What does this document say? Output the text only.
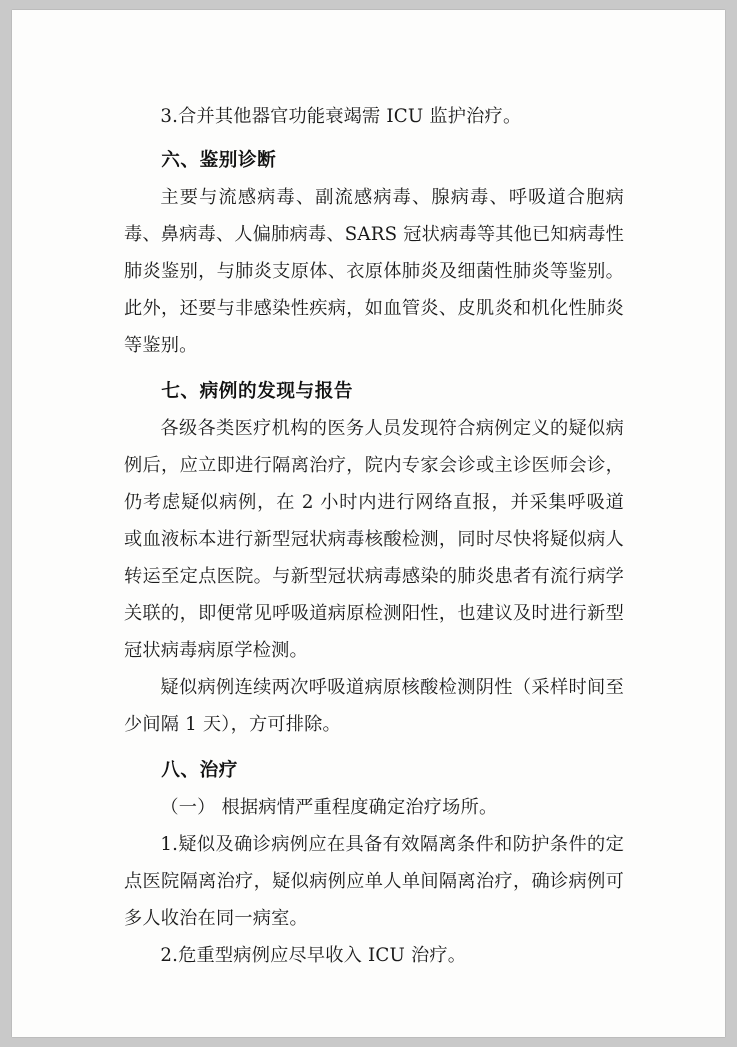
3.合并其他器官功能衰竭需 ICU 监护治疗。

六、鉴别诊断

主要与流感病毒、副流感病毒、腺病毒、呼吸道合胞病毒、鼻病毒、人偏肺病毒、SARS 冠状病毒等其他已知病毒性肺炎鉴别，与肺炎支原体、衣原体肺炎及细菌性肺炎等鉴别。此外，还要与非感染性疾病，如血管炎、皮肌炎和机化性肺炎等鉴别。

七、病例的发现与报告

各级各类医疗机构的医务人员发现符合病例定义的疑似病例后，应立即进行隔离治疗，院内专家会诊或主诊医师会诊，仍考虑疑似病例，在 2 小时内进行网络直报，并采集呼吸道或血液标本进行新型冠状病毒核酸检测，同时尽快将疑似病人转运至定点医院。与新型冠状病毒感染的肺炎患者有流行病学关联的，即便常见呼吸道病原检测阳性，也建议及时进行新型冠状病毒病原学检测。

疑似病例连续两次呼吸道病原核酸检测阴性（采样时间至少间隔 1 天），方可排除。

八、治疗

（一） 根据病情严重程度确定治疗场所。

1.疑似及确诊病例应在具备有效隔离条件和防护条件的定点医院隔离治疗，疑似病例应单人单间隔离治疗，确诊病例可多人收治在同一病室。

2.危重型病例应尽早收入 ICU 治疗。
